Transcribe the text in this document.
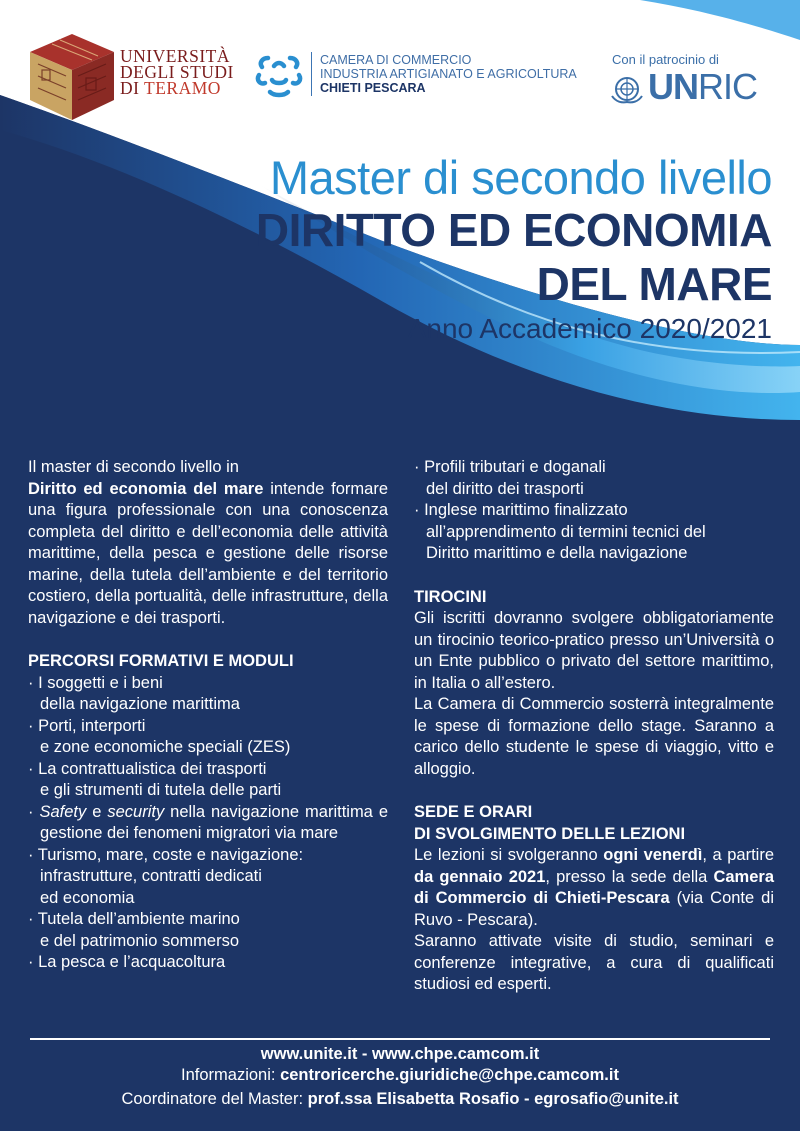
UNIVERSITÀ
DEGLI STUDI
DI TERAMO
CAMERA DI COMMERCIO
INDUSTRIA ARTIGIANATO E AGRICOLTURA
CHIETI PESCARA
Con il patrocinio di
UNRIC
Master di secondo livello
DIRITTO ED ECONOMIA
DEL MARE
Anno Accademico 2020/2021

Il master di secondo livello in

Diritto ed economia del mare intende formare una figura professionale con una conoscenza completa del diritto e dell’economia delle attività marittime, della pesca e gestione delle risorse marine, della tutela dell’ambiente e del territorio costiero, della portualità, delle infrastrutture, della navigazione e dei trasporti.

PERCORSI FORMATIVI E MODULI

· I soggetti e i beni
della navigazione marittima

· Porti, interporti
e zone economiche speciali (ZES)

· La contrattualistica dei trasporti
e gli strumenti di tutela delle parti

· Safety e security nella navigazione marittima e gestione dei fenomeni migratori via mare

· Turismo, mare, coste e navigazione:
infrastrutture, contratti dedicati
ed economia

· Tutela dell’ambiente marino
e del patrimonio sommerso

· La pesca e l’acquacoltura

· Profili tributari e doganali
del diritto dei trasporti

· Inglese marittimo finalizzato
all’apprendimento di termini tecnici del
Diritto marittimo e della navigazione

TIROCINI

Gli iscritti dovranno svolgere obbligatoriamente un tirocinio teorico-pratico presso un’Università o un Ente pubblico o privato del settore marittimo, in Italia o all’estero.

La Camera di Commercio sosterrà integralmente le spese di formazione dello stage. Saranno a carico dello studente le spese di viaggio, vitto e alloggio.

SEDE E ORARI

DI SVOLGIMENTO DELLE LEZIONI

Le lezioni si svolgeranno ogni venerdì, a partire da gennaio 2021, presso la sede della Camera di Commercio di Chieti-Pescara (via Conte di Ruvo - Pescara).

Saranno attivate visite di studio, seminari e conferenze integrative, a cura di qualificati studiosi ed esperti.

www.unite.it - www.chpe.camcom.it
Informazioni: centroricerche.giuridiche@chpe.camcom.it
Coordinatore del Master: prof.ssa Elisabetta Rosafio - egrosafio@unite.it
